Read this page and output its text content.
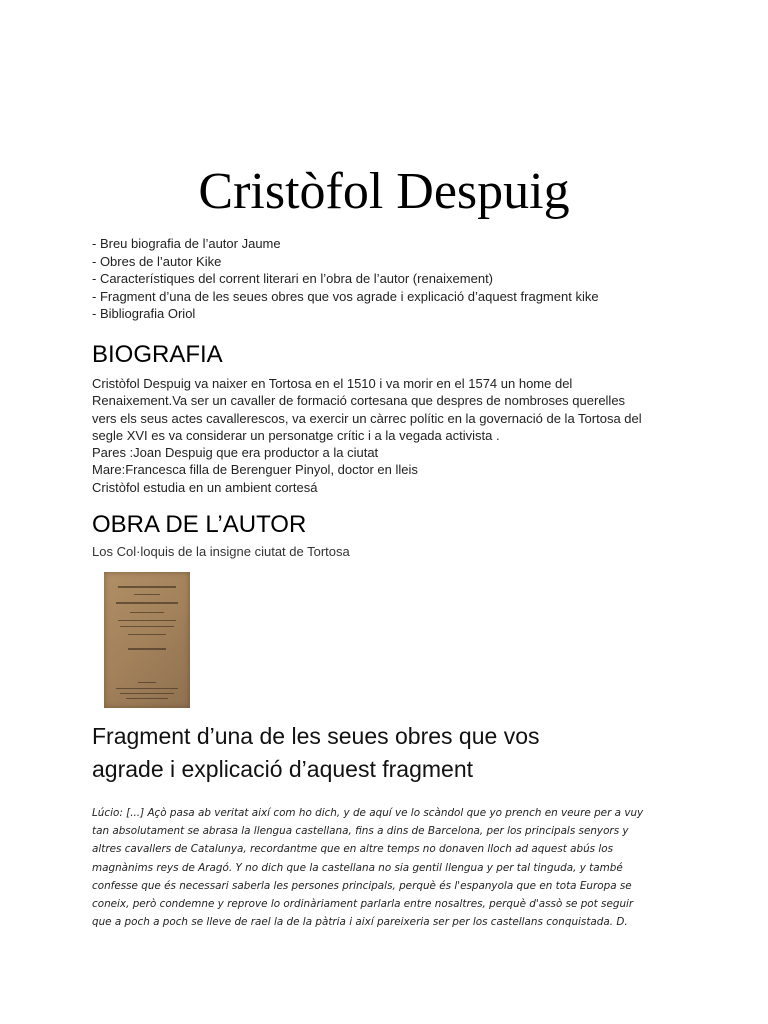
Cristòfol Despuig
- Breu biografia de l’autor Jaume
- Obres de l’autor Kike
- Característiques del corrent literari en l’obra de l’autor (renaixement)
- Fragment d’una de les seues obres que vos agrade i explicació d’aquest fragment kike
- Bibliografia Oriol
BIOGRAFIA
Cristòfol Despuig va naixer en Tortosa en el 1510 i va morir en el 1574 un home del
Renaixement.Va ser un cavaller de formació cortesana que despres de nombroses querelles
vers els seus actes cavallerescos, va exercir un càrrec polític en la governació de la Tortosa del
segle XVI es va considerar un personatge crític i a la vegada activista .
Pares :Joan Despuig que era productor a la ciutat
Mare:Francesca filla de Berenguer Pinyol, doctor en lleis
Cristòfol estudia en un ambient cortesá
OBRA DE L’AUTOR
Los Col·loquis de la insigne ciutat de Tortosa
Fragment d’una de les seues obres que vos
agrade i explicació d’aquest fragment
Lúcio: [...] Açò pasa ab veritat així com ho dich, y de aquí ve lo scàndol que yo prench en veure per a vuy
tan absolutament se abrasa la llengua castellana, fins a dins de Barcelona, per los principals senyors y
altres cavallers de Catalunya, recordantme que en altre temps no donaven lloch ad aquest abús los
magnànims reys de Aragó. Y no dich que la castellana no sia gentil llengua y per tal tinguda, y també
confesse que és necessari saberla les persones principals, perquè és l'espanyola que en tota Europa se
coneix, però condemne y reprove lo ordinàriament parlarla entre nosaltres, perquè d'assò se pot seguir
que a poch a poch se lleve de rael la de la pàtria i així pareixeria ser per los castellans conquistada. D.
